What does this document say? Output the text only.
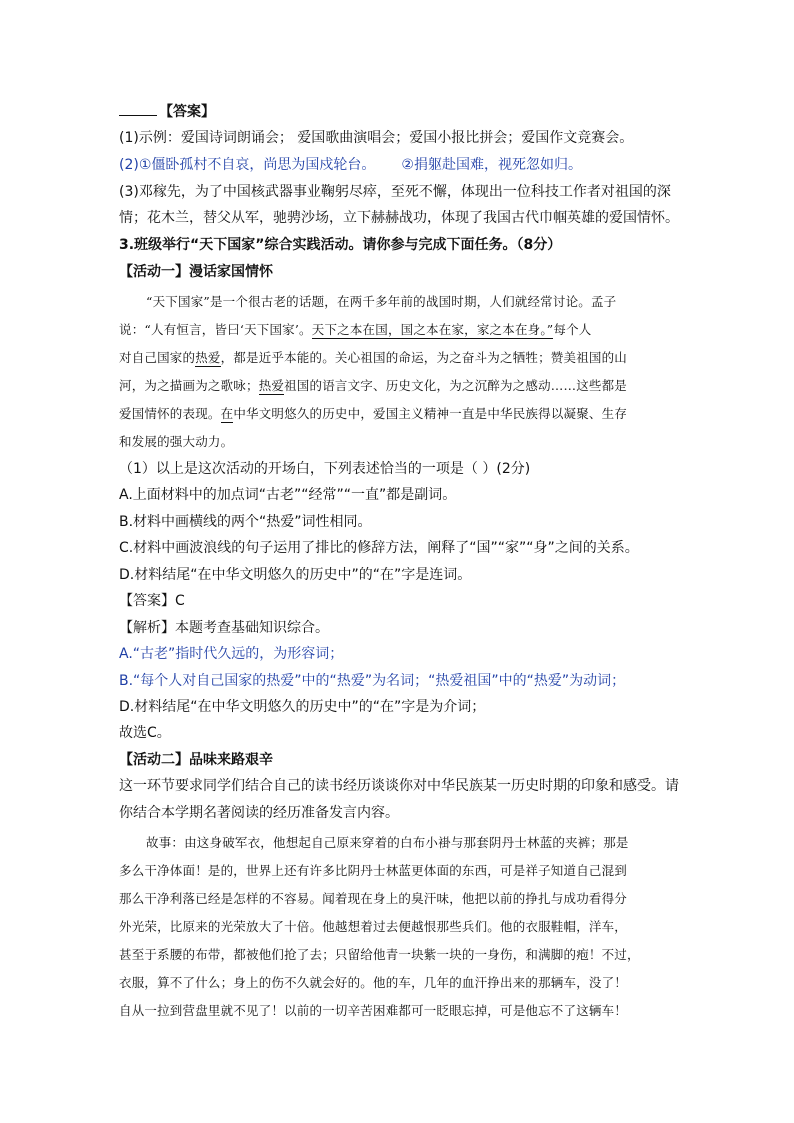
【答案】
(1)示例：爱国诗词朗诵会； 爱国歌曲演唱会；爱国小报比拼会；爱国作文竞赛会。
(2)①僵卧孤村不自哀，尚思为国戍轮台。 ②捐躯赴国难，视死忽如归。
(3)邓稼先，为了中国核武器事业鞠躬尽瘁，至死不懈，体现出一位科技工作者对祖国的深
情；花木兰，替父从军，驰骋沙场，立下赫赫战功，体现了我国古代巾帼英雄的爱国情怀。
3.班级举行“天下国家”综合实践活动。请你参与完成下面任务。（8分）
【活动一】漫话家国情怀
“天下国家”是一个很古老的话题，在两千多年前的战国时期，人们就经常讨论。孟子
说：“人有恒言，皆曰‘天下国家’。天下之本在国，国之本在家，家之本在身。”每个人
对自己国家的热爱，都是近乎本能的。关心祖国的命运，为之奋斗为之牺牲；赞美祖国的山
河，为之描画为之歌咏；热爱祖国的语言文字、历史文化，为之沉醉为之感动……这些都是
爱国情怀的表现。在中华文明悠久的历史中，爱国主义精神一直是中华民族得以凝聚、生存
和发展的强大动力。
（1）以上是这次活动的开场白，下列表述恰当的一项是（ ）(2分)
A.上面材料中的加点词“古老”“经常”“一直”都是副词。
B.材料中画横线的两个“热爱”词性相同。
C.材料中画波浪线的句子运用了排比的修辞方法，阐释了“国”“家”“身”之间的关系。
D.材料结尾“在中华文明悠久的历史中”的“在”字是连词。
【答案】C
【解析】本题考查基础知识综合。
A.“古老”指时代久远的，为形容词；
B.“每个人对自己国家的热爱”中的“热爱”为名词；“热爱祖国”中的“热爱”为动词；
D.材料结尾“在中华文明悠久的历史中”的“在”字是为介词；
故选C。
【活动二】品味来路艰辛
这一环节要求同学们结合自己的读书经历谈谈你对中华民族某一历史时期的印象和感受。请
你结合本学期名著阅读的经历准备发言内容。
故事：由这身破军衣，他想起自己原来穿着的白布小褂与那套阴丹士林蓝的夹裤；那是
多么干净体面！是的，世界上还有许多比阴丹士林蓝更体面的东西，可是祥子知道自己混到
那么干净利落已经是怎样的不容易。闻着现在身上的臭汗味，他把以前的挣扎与成功看得分
外光荣，比原来的光荣放大了十倍。他越想着过去便越恨那些兵们。他的衣服鞋帽，洋车，
甚至于系腰的布带，都被他们抢了去；只留给他青一块紫一块的一身伤，和满脚的疱！不过，
衣服，算不了什么；身上的伤不久就会好的。他的车，几年的血汗挣出来的那辆车，没了！
自从一拉到营盘里就不见了！以前的一切辛苦困难都可一眨眼忘掉，可是他忘不了这辆车！
